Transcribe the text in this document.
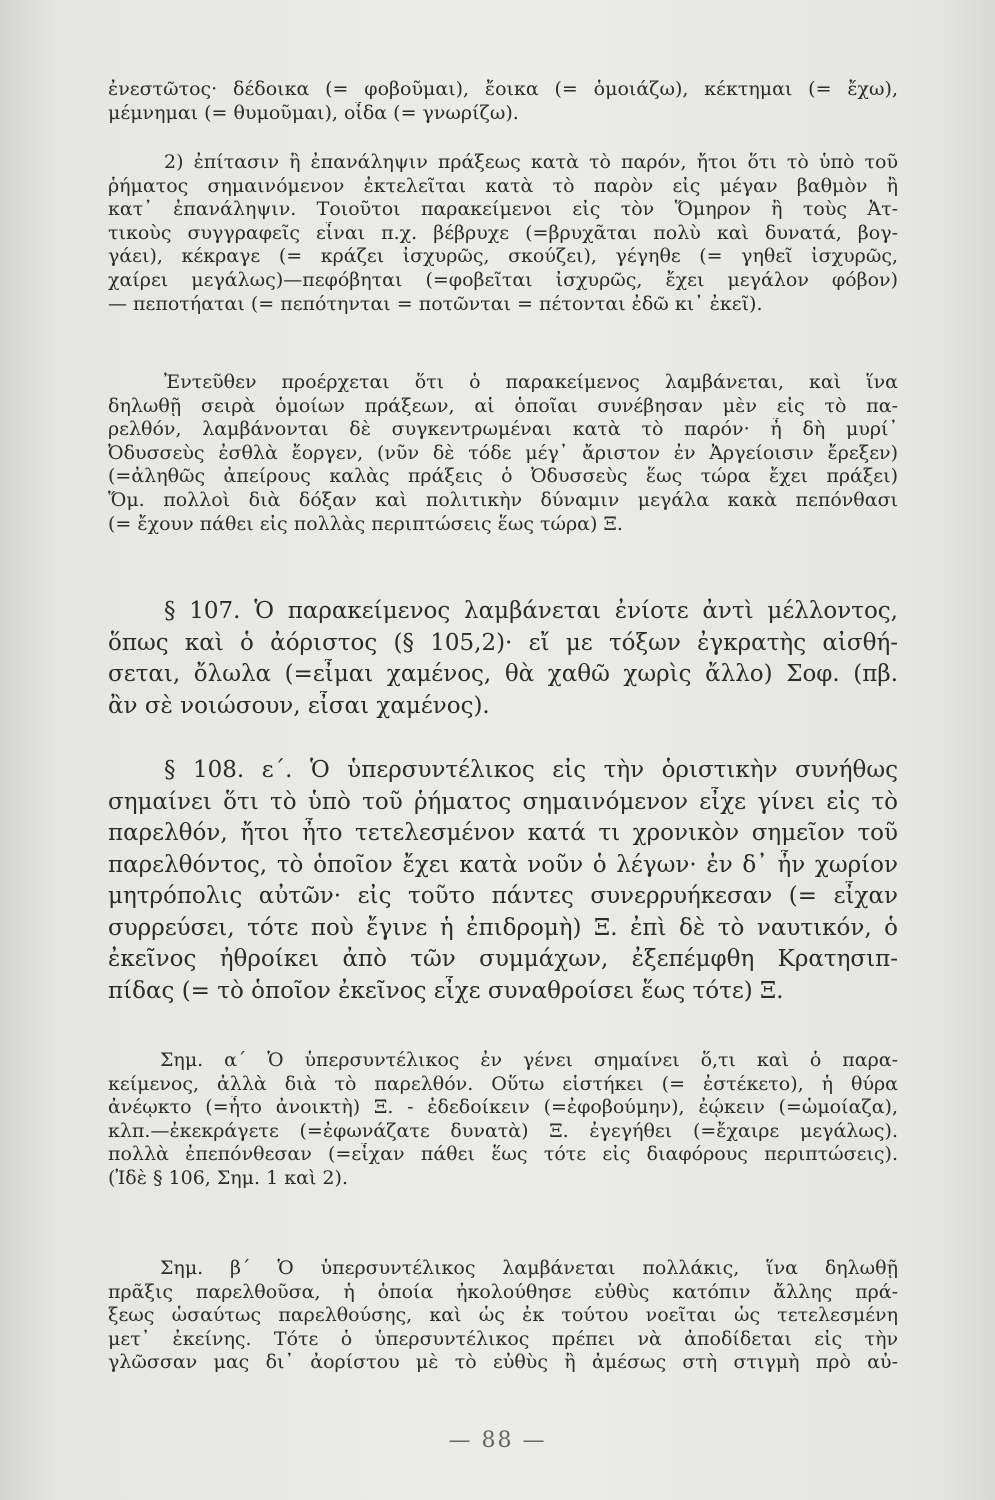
ἐνεστῶτος· δέδοικα (= φοβοῦμαι), ἔοικα (= ὁμοιάζω), κέκτημαι (= ἔχω),
μέμνημαι (= θυμοῦμαι), οἶδα (= γνωρίζω).
2) ἐπίτασιν ἢ ἐπανάληψιν πράξεως κατὰ τὸ παρόν, ἤτοι ὅτι τὸ ὑπὸ τοῦ
ῥήματος σημαινόμενον ἐκτελεῖται κατὰ τὸ παρὸν εἰς μέγαν βαθμὸν ἢ
κατ᾽ ἐπανάληψιν. Τοιοῦτοι παρακείμενοι εἰς τὸν Ὅμηρον ἢ τοὺς Ἀτ-
τικοὺς συγγραφεῖς εἶναι π.χ. βέβρυχε (=βρυχᾶται πολὺ καὶ δυνατά, βογ-
γάει), κέκραγε (= κράζει ἰσχυρῶς, σκούζει), γέγηθε (= γηθεῖ ἰσχυρῶς,
χαίρει μεγάλως)—πεφόβηται (=φοβεῖται ἰσχυρῶς, ἔχει μεγάλον φόβον)
— πεποτήαται (= πεπότηνται = ποτῶνται = πέτονται ἐδῶ κι᾽ ἐκεῖ).
Ἐντεῦθεν προέρχεται ὅτι ὁ παρακείμενος λαμβάνεται, καὶ ἵνα
δηλωθῇ σειρὰ ὁμοίων πράξεων, αἱ ὁποῖαι συνέβησαν μὲν εἰς τὸ πα-
ρελθόν, λαμβάνονται δὲ συγκεντρωμέναι κατὰ τὸ παρόν· ἦ δὴ μυρί᾽
Ὀδυσσεὺς ἐσθλὰ ἔοργεν, (νῦν δὲ τόδε μέγ᾽ ἄριστον ἐν Ἀργείοισιν ἔρεξεν)
(=ἀληθῶς ἀπείρους καλὰς πράξεις ὁ Ὀδυσσεὺς ἕως τώρα ἔχει πράξει)
Ὅμ. πολλοὶ διὰ δόξαν καὶ πολιτικὴν δύναμιν μεγάλα κακὰ πεπόνθασι
(= ἔχουν πάθει εἰς πολλὰς περιπτώσεις ἕως τώρα) Ξ.
§ 107. Ὁ παρακείμενος λαμβάνεται ἐνίοτε ἀντὶ μέλλοντος,
ὅπως καὶ ὁ ἀόριστος (§ 105,2)· εἴ με τόξων ἐγκρατὴς αἰσθή-
σεται, ὄλωλα (=εἶμαι χαμένος, θὰ χαθῶ χωρὶς ἄλλο) Σοφ. (πβ.
ἂν σὲ νοιώσουν, εἶσαι χαμένος).
§ 108. ε΄. Ὁ ὑπερσυντέλικος εἰς τὴν ὁριστικὴν συνήθως
σημαίνει ὅτι τὸ ὑπὸ τοῦ ῥήματος σημαινόμενον εἶχε γίνει εἰς τὸ
παρελθόν, ἤτοι ἦτο τετελεσμένον κατά τι χρονικὸν σημεῖον τοῦ
παρελθόντος, τὸ ὁποῖον ἔχει κατὰ νοῦν ὁ λέγων· ἐν δ᾽ ἦν χωρίον
μητρόπολις αὐτῶν· εἰς τοῦτο πάντες συνερρυήκεσαν (= εἶχαν
συρρεύσει, τότε ποὺ ἔγινε ἡ ἐπιδρομὴ) Ξ. ἐπὶ δὲ τὸ ναυτικόν, ὁ
ἐκεῖνος ἠθροίκει ἀπὸ τῶν συμμάχων, ἐξεπέμφθη Κρατησιπ-
πίδας (= τὸ ὁποῖον ἐκεῖνος εἶχε συναθροίσει ἕως τότε) Ξ.
Σημ. α΄ Ὁ ὑπερσυντέλικος ἐν γένει σημαίνει ὅ,τι καὶ ὁ παρα-
κείμενος, ἀλλὰ διὰ τὸ παρελθόν. Οὕτω εἱστήκει (= ἐστέκετο), ἡ θύρα
ἀνέῳκτο (=ἦτο ἀνοικτὴ) Ξ. - ἐδεδοίκειν (=ἐφοβούμην), ἐῴκειν (=ὡμοίαζα),
κλπ.—ἐκεκράγετε (=ἐφωνάζατε δυνατὰ) Ξ. ἐγεγήθει (=ἔχαιρε μεγάλως).
πολλὰ ἐπεπόνθεσαν (=εἶχαν πάθει ἕως τότε εἰς διαφόρους περιπτώσεις).
(Ἰδὲ § 106, Σημ. 1 καὶ 2).
Σημ. β΄ Ὁ ὑπερσυντέλικος λαμβάνεται πολλάκις, ἵνα δηλωθῇ
πρᾶξις παρελθοῦσα, ἡ ὁποία ἠκολούθησε εὐθὺς κατόπιν ἄλλης πρά-
ξεως ὡσαύτως παρελθούσης, καὶ ὡς ἐκ τούτου νοεῖται ὡς τετελεσμένη
μετ᾽ ἐκείνης. Τότε ὁ ὑπερσυντέλικος πρέπει νὰ ἀποδίδεται εἰς τὴν
γλῶσσαν μας δι᾽ ἀορίστου μὲ τὸ εὐθὺς ἢ ἀμέσως στὴ στιγμὴ πρὸ αὐ-
— 88 —
